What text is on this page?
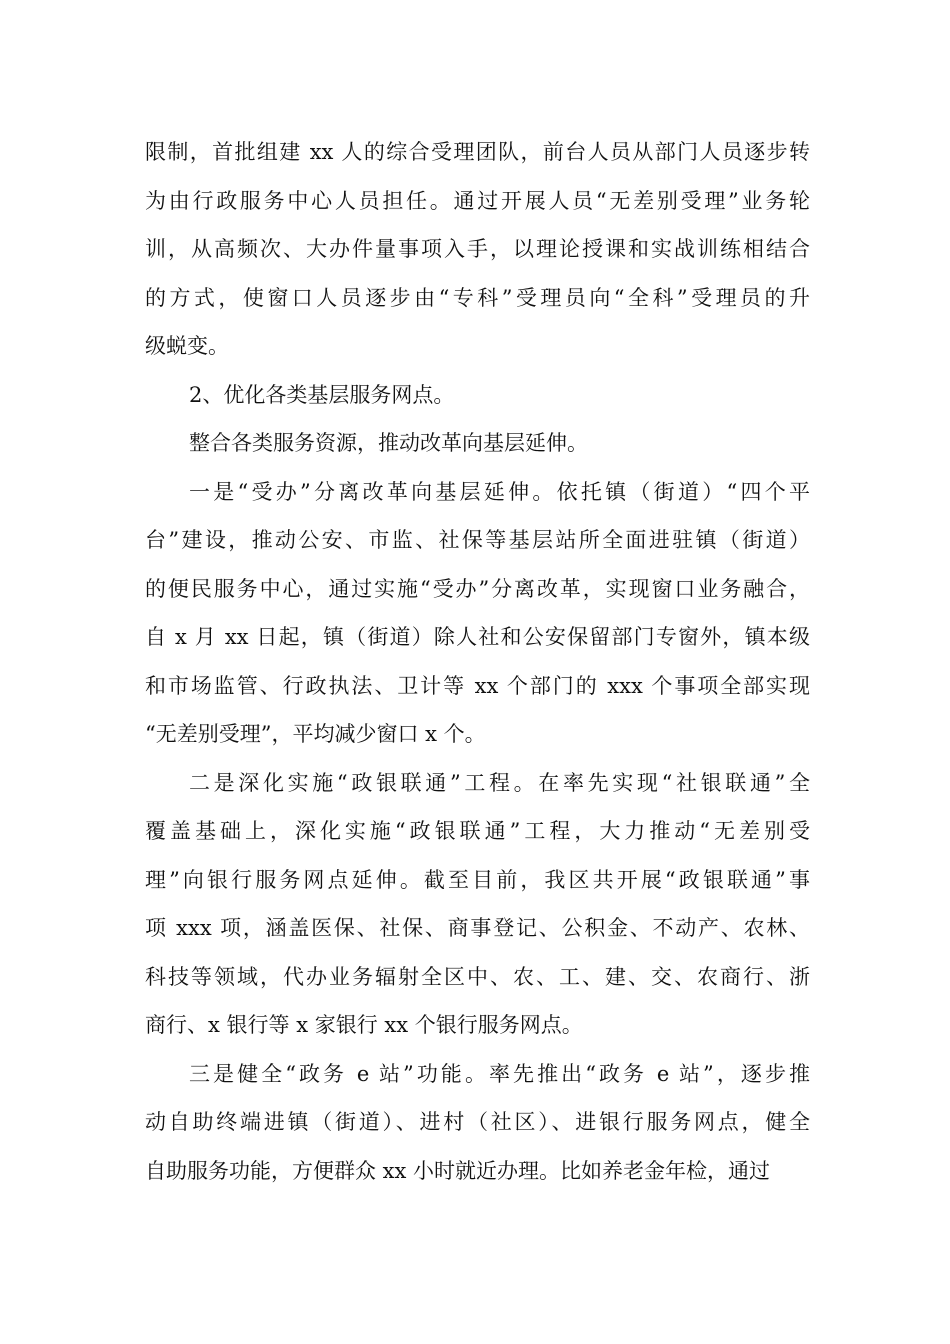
限制，首批组建 xx 人的综合受理团队，前台人员从部门人员逐步转
为由行政服务中心人员担任。通过开展人员“无差别受理”业务轮
训，从高频次、大办件量事项入手，以理论授课和实战训练相结合
的方式，使窗口人员逐步由“专科”受理员向“全科”受理员的升
级蜕变。

2、优化各类基层服务网点。

整合各类服务资源，推动改革向基层延伸。

一是“受办”分离改革向基层延伸。依托镇（街道）“四个平
台”建设，推动公安、市监、社保等基层站所全面进驻镇（街道）
的便民服务中心，通过实施“受办”分离改革，实现窗口业务融合，
自 x 月 xx 日起，镇（街道）除人社和公安保留部门专窗外，镇本级
和市场监管、行政执法、卫计等 xx 个部门的 xxx 个事项全部实现
“无差别受理”，平均减少窗口 x 个。

二是深化实施“政银联通”工程。在率先实现“社银联通”全
覆盖基础上，深化实施“政银联通”工程，大力推动“无差别受
理”向银行服务网点延伸。截至目前，我区共开展“政银联通”事
项 xxx 项，涵盖医保、社保、商事登记、公积金、不动产、农林、
科技等领域，代办业务辐射全区中、农、工、建、交、农商行、浙
商行、x 银行等 x 家银行 xx 个银行服务网点。

三是健全“政务 e 站”功能。率先推出“政务 e 站”，逐步推
动自助终端进镇（街道）、进村（社区）、进银行服务网点，健全
自助服务功能，方便群众 xx 小时就近办理。比如养老金年检，通过
